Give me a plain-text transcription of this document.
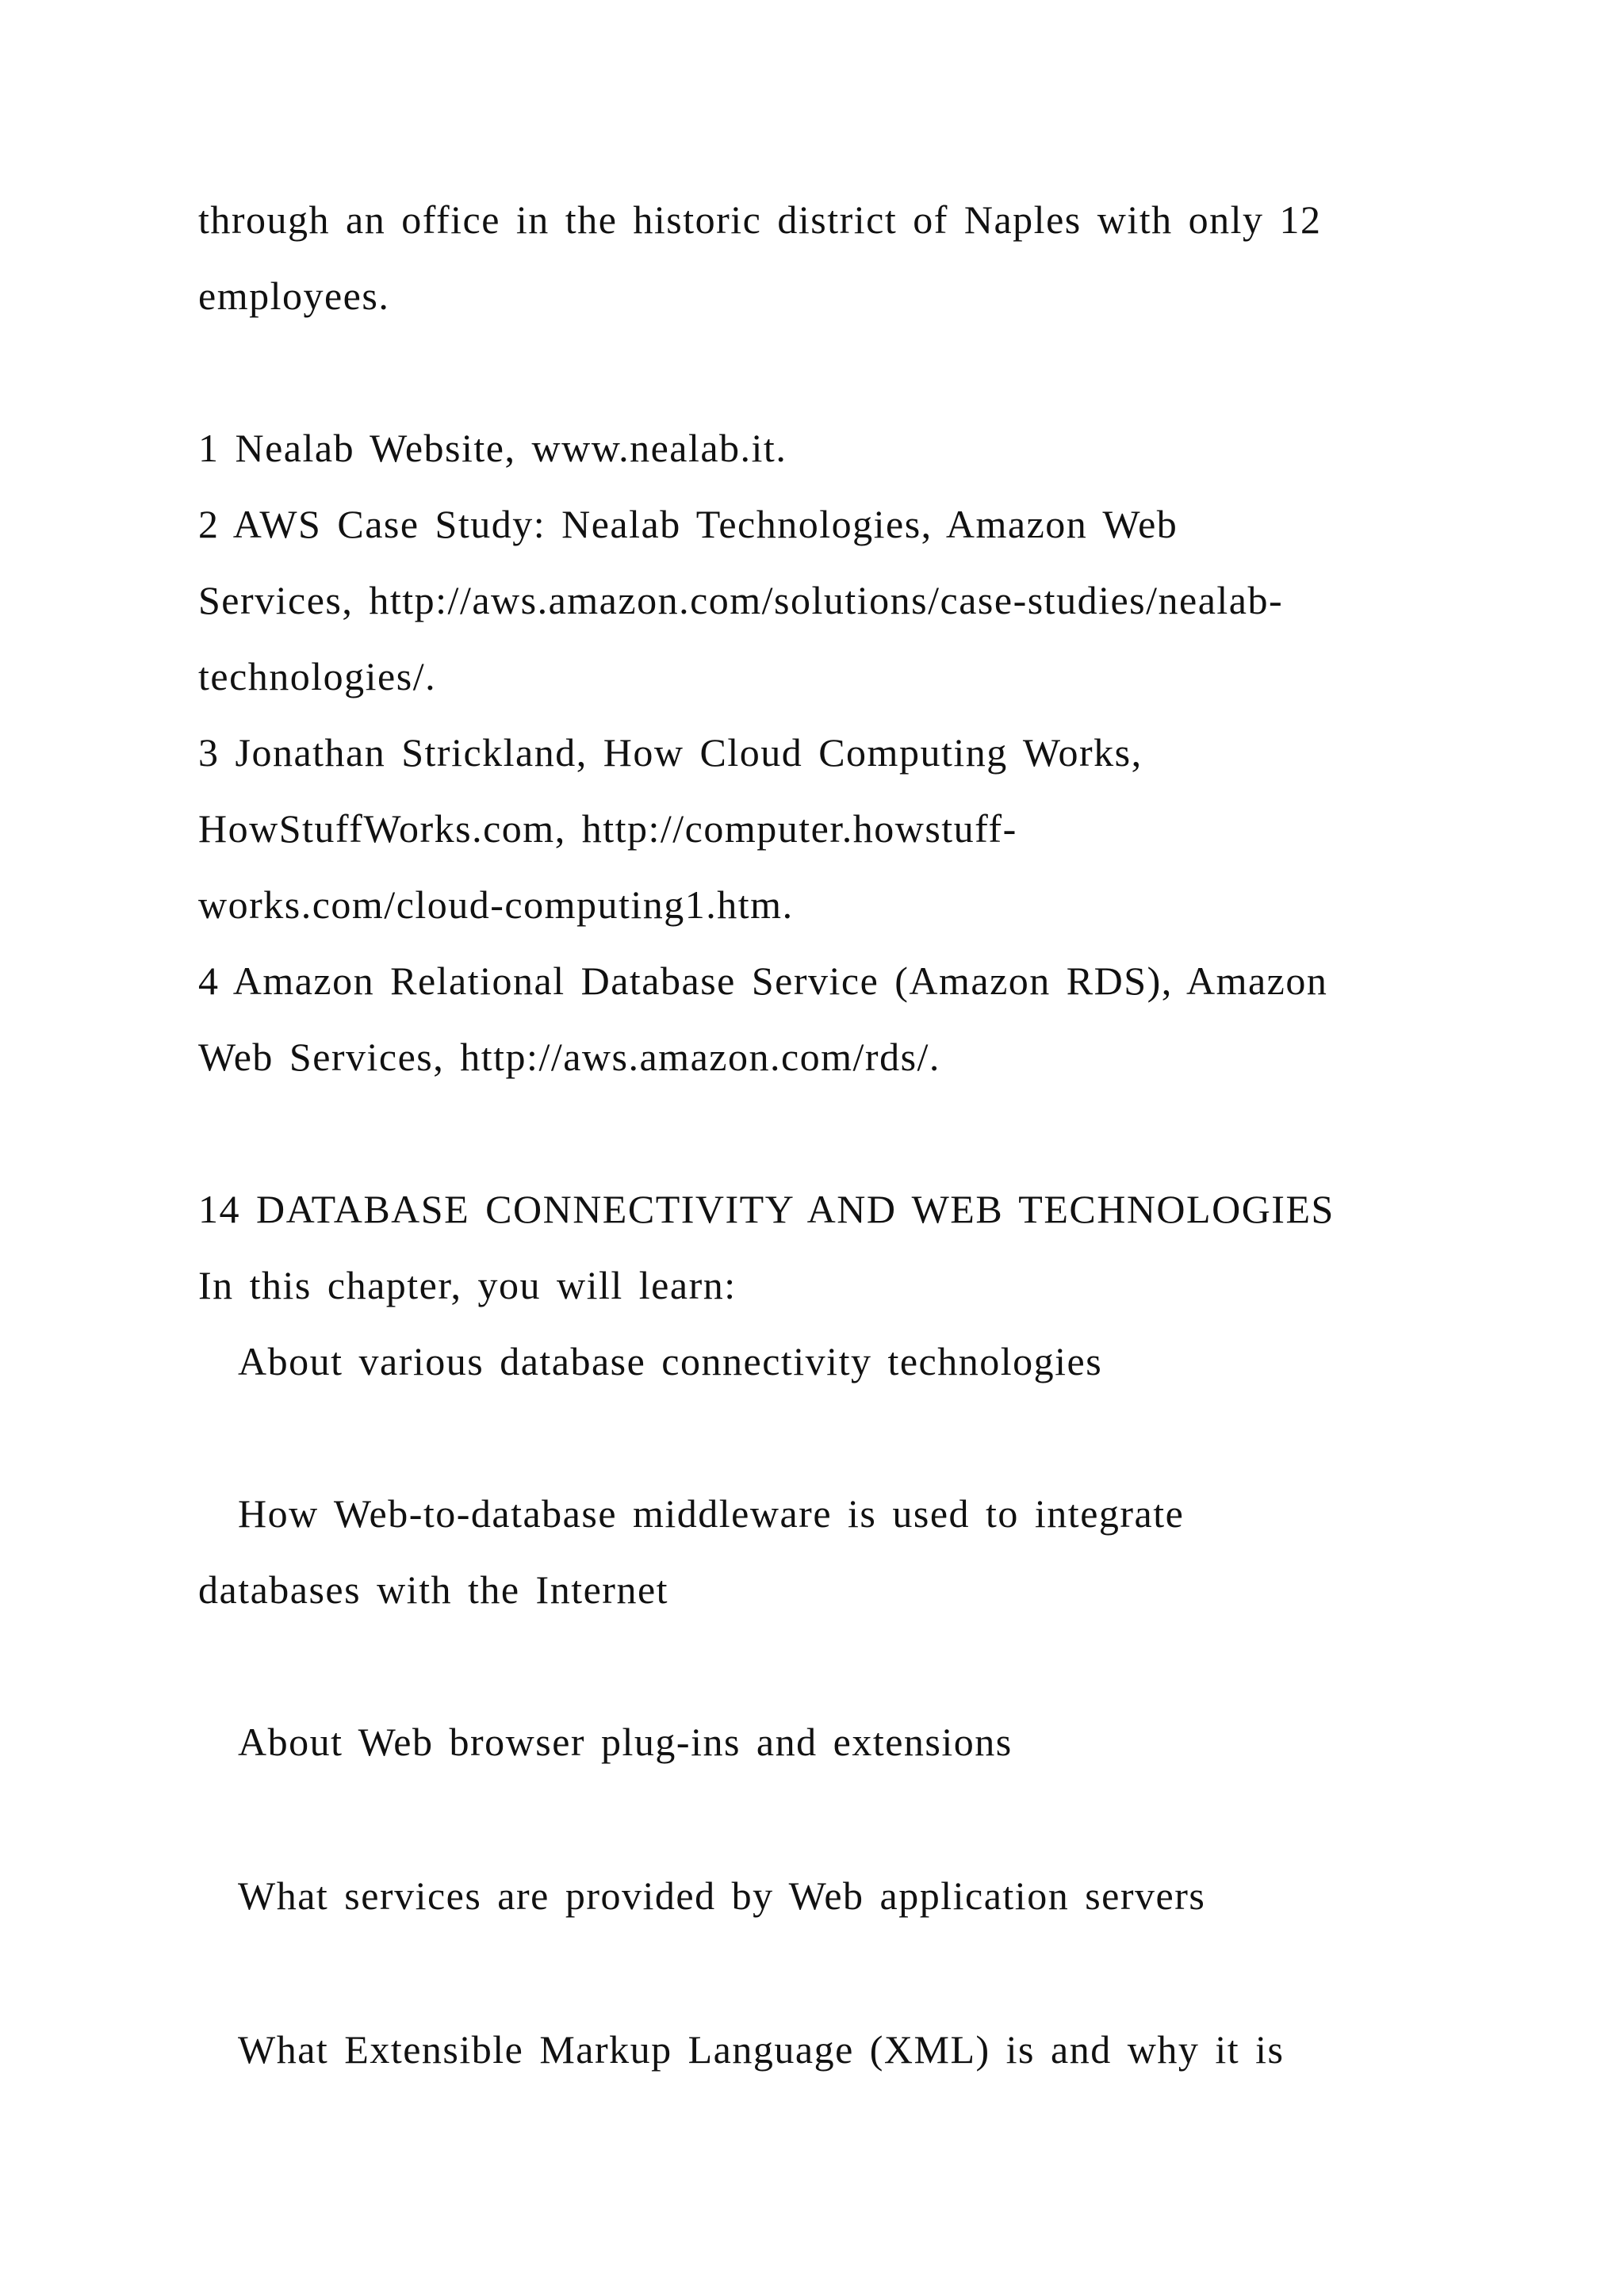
through an office in the historic district of Naples with only 12
employees.
1 Nealab Website, www.nealab.it.
2 AWS Case Study: Nealab Technologies, Amazon Web
Services, http://aws.amazon.com/solutions/case-studies/nealab-
technologies/.
3 Jonathan Strickland, How Cloud Computing Works,
HowStuffWorks.com, http://computer.howstuff-
works.com/cloud-computing1.htm.
4 Amazon Relational Database Service (Amazon RDS), Amazon
Web Services, http://aws.amazon.com/rds/.
14 DATABASE CONNECTIVITY AND WEB TECHNOLOGIES
In this chapter, you will learn:
About various database connectivity technologies
How Web-to-database middleware is used to integrate
databases with the Internet
About Web browser plug-ins and extensions
What services are provided by Web application servers
What Extensible Markup Language (XML) is and why it is
